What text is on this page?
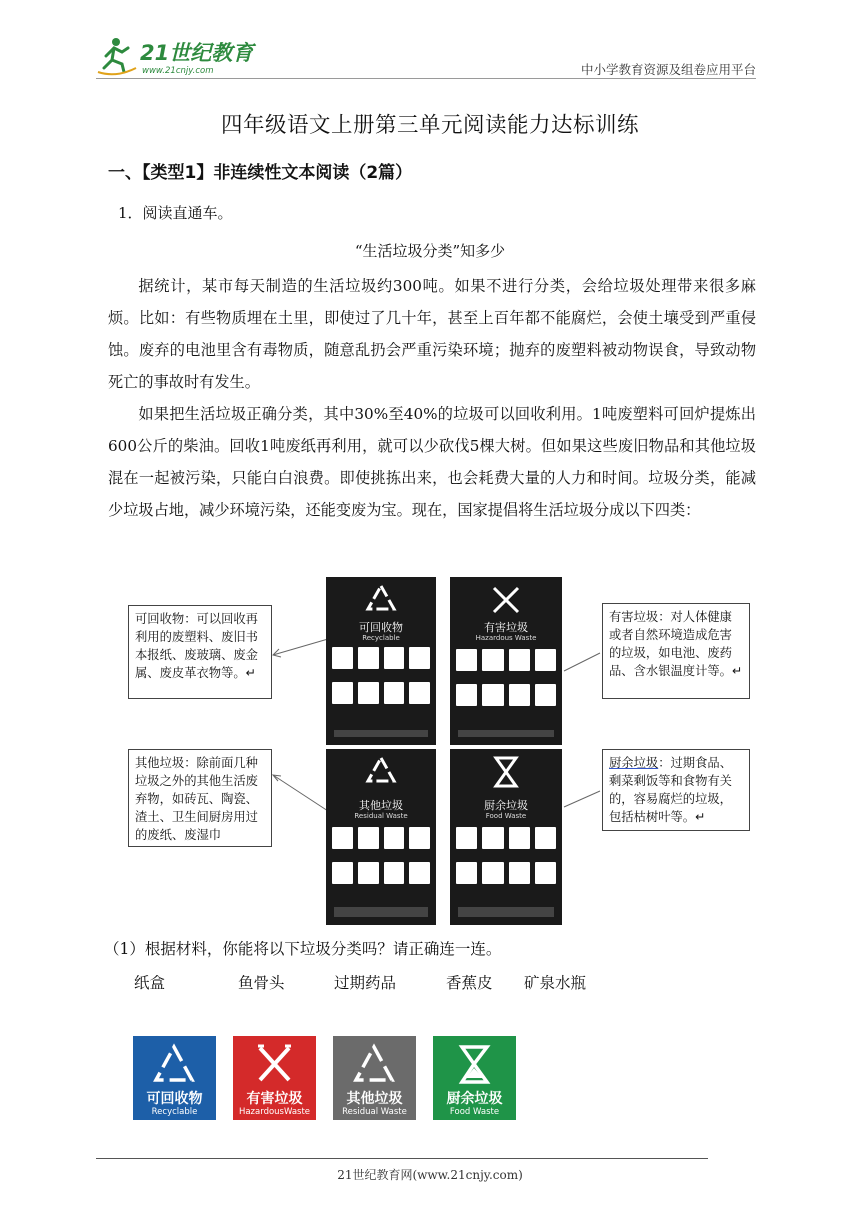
21世纪教育
www.21cnjy.com	中小学教育资源及组卷应用平台
四年级语文上册第三单元阅读能力达标训练
一、【类型1】非连续性文本阅读（2篇）
1．阅读直通车。
“生活垃圾分类”知多少
据统计，某市每天制造的生活垃圾约300吨。如果不进行分类，会给垃圾处理带来很多麻烦。比如：有些物质埋在土里，即使过了几十年，甚至上百年都不能腐烂，会使土壤受到严重侵蚀。废弃的电池里含有毒物质，随意乱扔会严重污染环境；抛弃的废塑料被动物误食，导致动物死亡的事故时有发生。
如果把生活垃圾正确分类，其中30%至40%的垃圾可以回收利用。1吨废塑料可回炉提炼出600公斤的柴油。回收1吨废纸再利用，就可以少砍伐5棵大树。但如果这些废旧物品和其他垃圾混在一起被污染，只能白白浪费。即使挑拣出来，也会耗费大量的人力和时间。垃圾分类，能减少垃圾占地，减少环境污染，还能变废为宝。现在，国家提倡将生活垃圾分成以下四类：
可回收物
Recyclable
有害垃圾
Hazardous Waste
其他垃圾
Residual Waste
厨余垃圾
Food Waste
可回收物：可以回收再利用的废塑料、废旧书本报纸、废玻璃、废金属、废皮革衣物等。↵
有害垃圾：对人体健康或者自然环境造成危害的垃圾，如电池、废药品、含水银温度计等。↵
其他垃圾：除前面几种垃圾之外的其他生活废弃物，如砖瓦、陶瓷、渣土、卫生间厨房用过的废纸、废湿巾
厨余垃圾：过期食品、剩菜剩饭等和食物有关的，容易腐烂的垃圾，包括枯树叶等。↵
（1）根据材料，你能将以下垃圾分类吗？请正确连一连。
纸盒	鱼骨头	过期药品	香蕉皮 矿泉水瓶
可回收物
Recyclable
有害垃圾
HazardousWaste
其他垃圾
Residual Waste
厨余垃圾
Food Waste
21世纪教育网(www.21cnjy.com)
